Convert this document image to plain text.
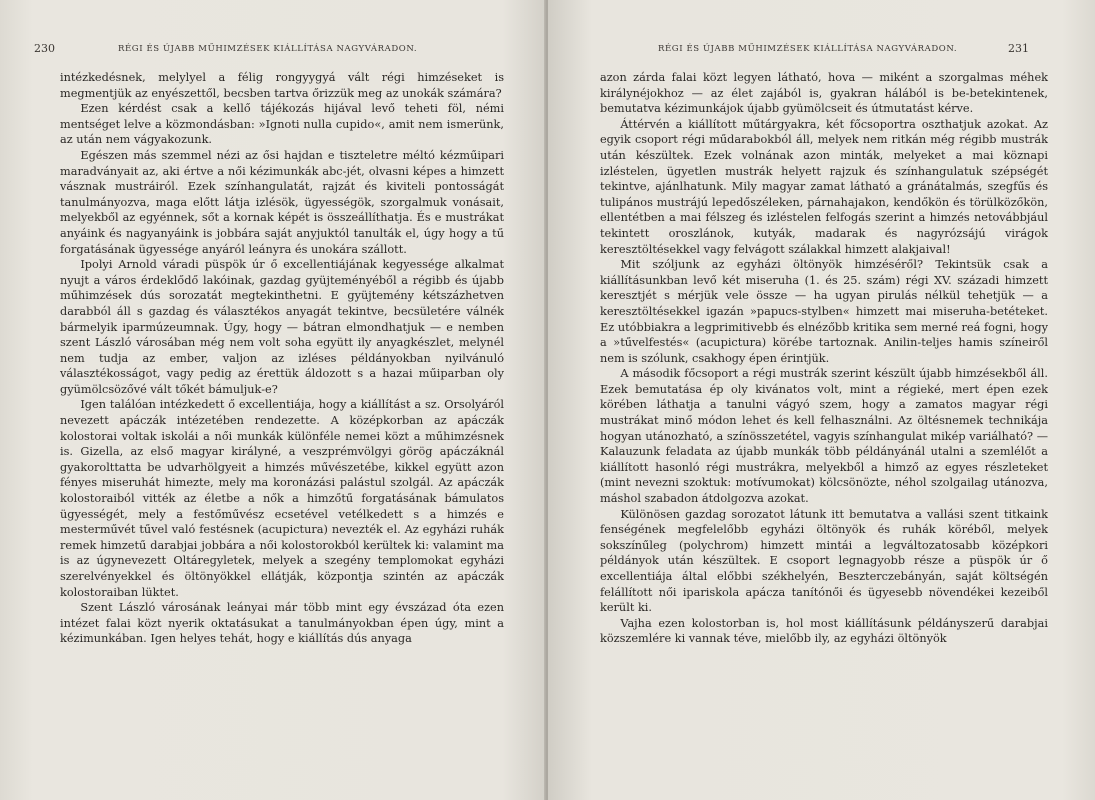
230	RÉGI ÉS ÚJABB MŰHIMZÉSEK KIÁLLÍTÁSA NAGYVÁRADON.

intézkedésnek, melylyel a félig rongyygyá vált régi himzéseket is megmentjük az enyészettől, becsben tartva őrizzük meg az unokák számára?

Ezen kérdést csak a kellő tájékozás hijával levő teheti föl, némi mentséget lelve a közmondásban: »Ignoti nulla cupido«, amit nem ismerünk, az után nem vágyakozunk.

Egészen más szemmel nézi az ősi hajdan e tiszteletre méltó kézműipari maradványait az, aki értve a női kézimunkák abc-jét, olvasni képes a himzett vásznak mustráiról. Ezek színhangulatát, rajzát és kiviteli pontosságát tanulmányozva, maga előtt látja izlésök, ügyességök, szorgalmuk vonásait, melyekből az egyénnek, sőt a kornak képét is összeállíthatja. És e mustrákat anyáink és nagyanyáink is jobbára saját anyjuktól tanulták el, úgy hogy a tű forgatásának ügyessége anyáról leányra és unokára szállott.

Ipolyi Arnold váradi püspök úr ő excellentiájának kegyessége alkalmat nyujt a város érdeklődő lakóinak, gazdag gyüjteményéből a régibb és újabb műhimzések dús sorozatát megtekinthetni. E gyüjtemény kétszázhetven darabból áll s gazdag és választékos anyagát tekintve, becsületére válnék bármelyik iparmúzeumnak. Úgy, hogy — bátran elmondhatjuk — e nemben szent László városában még nem volt soha együtt ily anyagkészlet, melynél nem tudja az ember, valjon az izléses példányokban nyilvánuló választékosságot, vagy pedig az érettük áldozott s a hazai műiparban oly gyümölcsözővé vált tőkét bámuljuk-e?

Igen találóan intézkedett ő excellentiája, hogy a kiállítást a sz. Orsolyáról nevezett apáczák intézetében rendezette. A középkorban az apáczák kolostorai voltak iskolái a női munkák különféle nemei közt a műhimzésnek is. Gizella, az első magyar királyné, a veszprémvölgyi görög apáczáknál gyakorolttatta be udvarhölgyeit a himzés művészetébe, kikkel együtt azon fényes miseruhát himezte, mely ma koronázási palástul szolgál. Az apáczák kolostoraiból vitték az életbe a nők a himzőtű forgatásának bámulatos ügyességét, mely a festőművész ecsetével vetélkedett s a himzés e mesterművét tűvel való festésnek (acupictura) nevezték el. Az egyházi ruhák remek himzetű darabjai jobbára a női kolostorokból kerültek ki: valamint ma is az úgynevezett Oltáregyletek, melyek a szegény templomokat egyházi szerelvényekkel és öltönyökkel ellátják, központja szintén az apáczák kolostoraiban lüktet.

Szent László városának leányai már több mint egy évszázad óta ezen intézet falai közt nyerik oktatásukat a tanulmányokban épen úgy, mint a kézimunkában. Igen helyes tehát, hogy e kiállítás dús anyaga

RÉGI ÉS ÚJABB MŰHIMZÉSEK KIÁLLÍTÁSA NAGYVÁRADON.	231

azon zárda falai közt legyen látható, hova — miként a szorgalmas méhek királynéjokhoz — az élet zajából is, gyakran hálából is be-betekintenek, bemutatva kézimunkájok újabb gyümölcseit és útmutatást kérve.

Áttérvén a kiállított műtárgyakra, két főcsoportra oszthatjuk azokat. Az egyik csoport régi műdarabokból áll, melyek nem ritkán még régibb mustrák után készültek. Ezek volnának azon minták, melyeket a mai köznapi izléstelen, ügyetlen mustrák helyett rajzuk és színhangulatuk szépségét tekintve, ajánlhatunk. Mily magyar zamat látható a gránátalmás, szegfűs és tulipános mustrájú lepedőszéleken, párnahajakon, kendőkön és törülközőkön, ellentétben a mai félszeg és izléstelen felfogás szerint a himzés netovábbjául tekintett oroszlánok, kutyák, madarak és nagyrózsájú virágok keresztöltésekkel vagy felvágott szálakkal himzett alakjaival!

Mit szóljunk az egyházi öltönyök himzéséről? Tekintsük csak a kiállításunkban levő két miseruha (1. és 25. szám) régi XV. századi himzett keresztjét s mérjük vele össze — ha ugyan pirulás nélkül tehetjük — a keresztöltésekkel igazán »papucs-stylben« himzett mai miseruha-betéteket. Ez utóbbiakra a legprimitivebb és elnézőbb kritika sem merné reá fogni, hogy a »tűvelfestés« (acupictura) körébe tartoznak. Anilin-teljes hamis színeiről nem is szólunk, csakhogy épen érintjük.

A második főcsoport a régi mustrák szerint készült újabb himzésekből áll. Ezek bemutatása ép oly kivánatos volt, mint a régieké, mert épen ezek körében láthatja a tanulni vágyó szem, hogy a zamatos magyar régi mustrákat minő módon lehet és kell felhasználni. Az öltésnemek technikája hogyan utánozható, a színösszetétel, vagyis színhangulat mikép variálható? — Kalauzunk feladata az újabb munkák több példányánál utalni a szemlélőt a kiállított hasonló régi mustrákra, melyekből a himző az egyes részleteket (mint nevezni szoktuk: motívumokat) kölcsönözte, néhol szolgailag utánozva, máshol szabadon átdolgozva azokat.

Különösen gazdag sorozatot látunk itt bemutatva a vallási szent titkaink fenségének megfelelőbb egyházi öltönyök és ruhák köréből, melyek sokszínűleg (polychrom) himzett mintái a legváltozatosabb középkori példányok után készültek. E csoport legnagyobb része a püspök úr ő excellentiája által előbbi székhelyén, Beszterczebányán, saját költségén felállított női ipariskola apácza tanítónői és ügyesebb növendékei kezeiből került ki.

Vajha ezen kolostorban is, hol most kiállításunk példányszerű darabjai közszemlére ki vannak téve, mielőbb ily, az egyházi öltönyök
